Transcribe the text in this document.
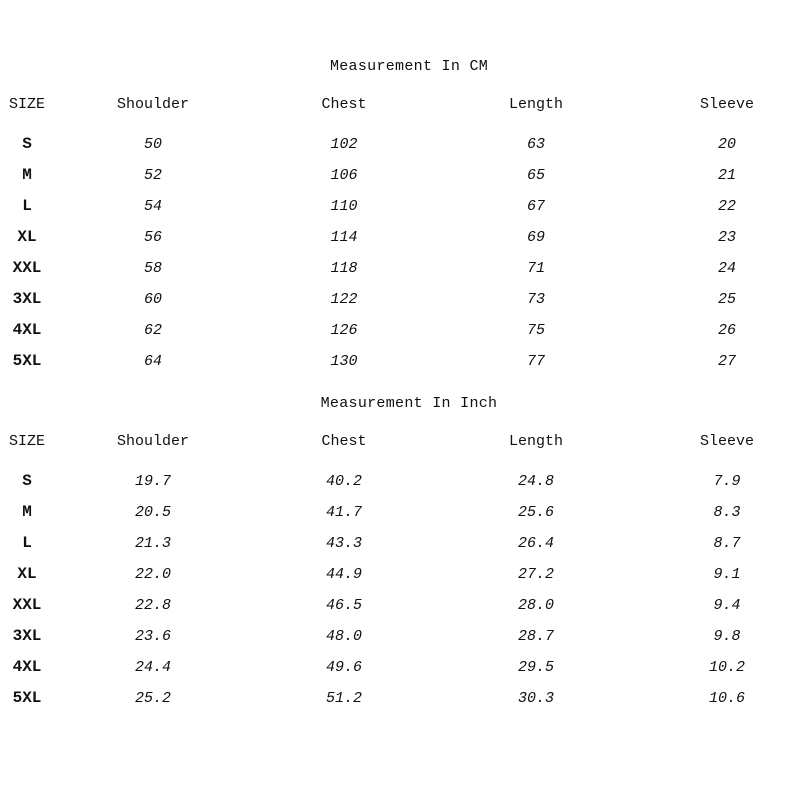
Measurement In CM
SIZE	Shoulder	Chest	Length	Sleeve
S	50	102	63	20
M	52	106	65	21
L	54	110	67	22
XL	56	114	69	23
XXL	58	118	71	24
3XL	60	122	73	25
4XL	62	126	75	26
5XL	64	130	77	27
Measurement In Inch
SIZE	Shoulder	Chest	Length	Sleeve
S	19.7	40.2	24.8	7.9
M	20.5	41.7	25.6	8.3
L	21.3	43.3	26.4	8.7
XL	22.0	44.9	27.2	9.1
XXL	22.8	46.5	28.0	9.4
3XL	23.6	48.0	28.7	9.8
4XL	24.4	49.6	29.5	10.2
5XL	25.2	51.2	30.3	10.6
